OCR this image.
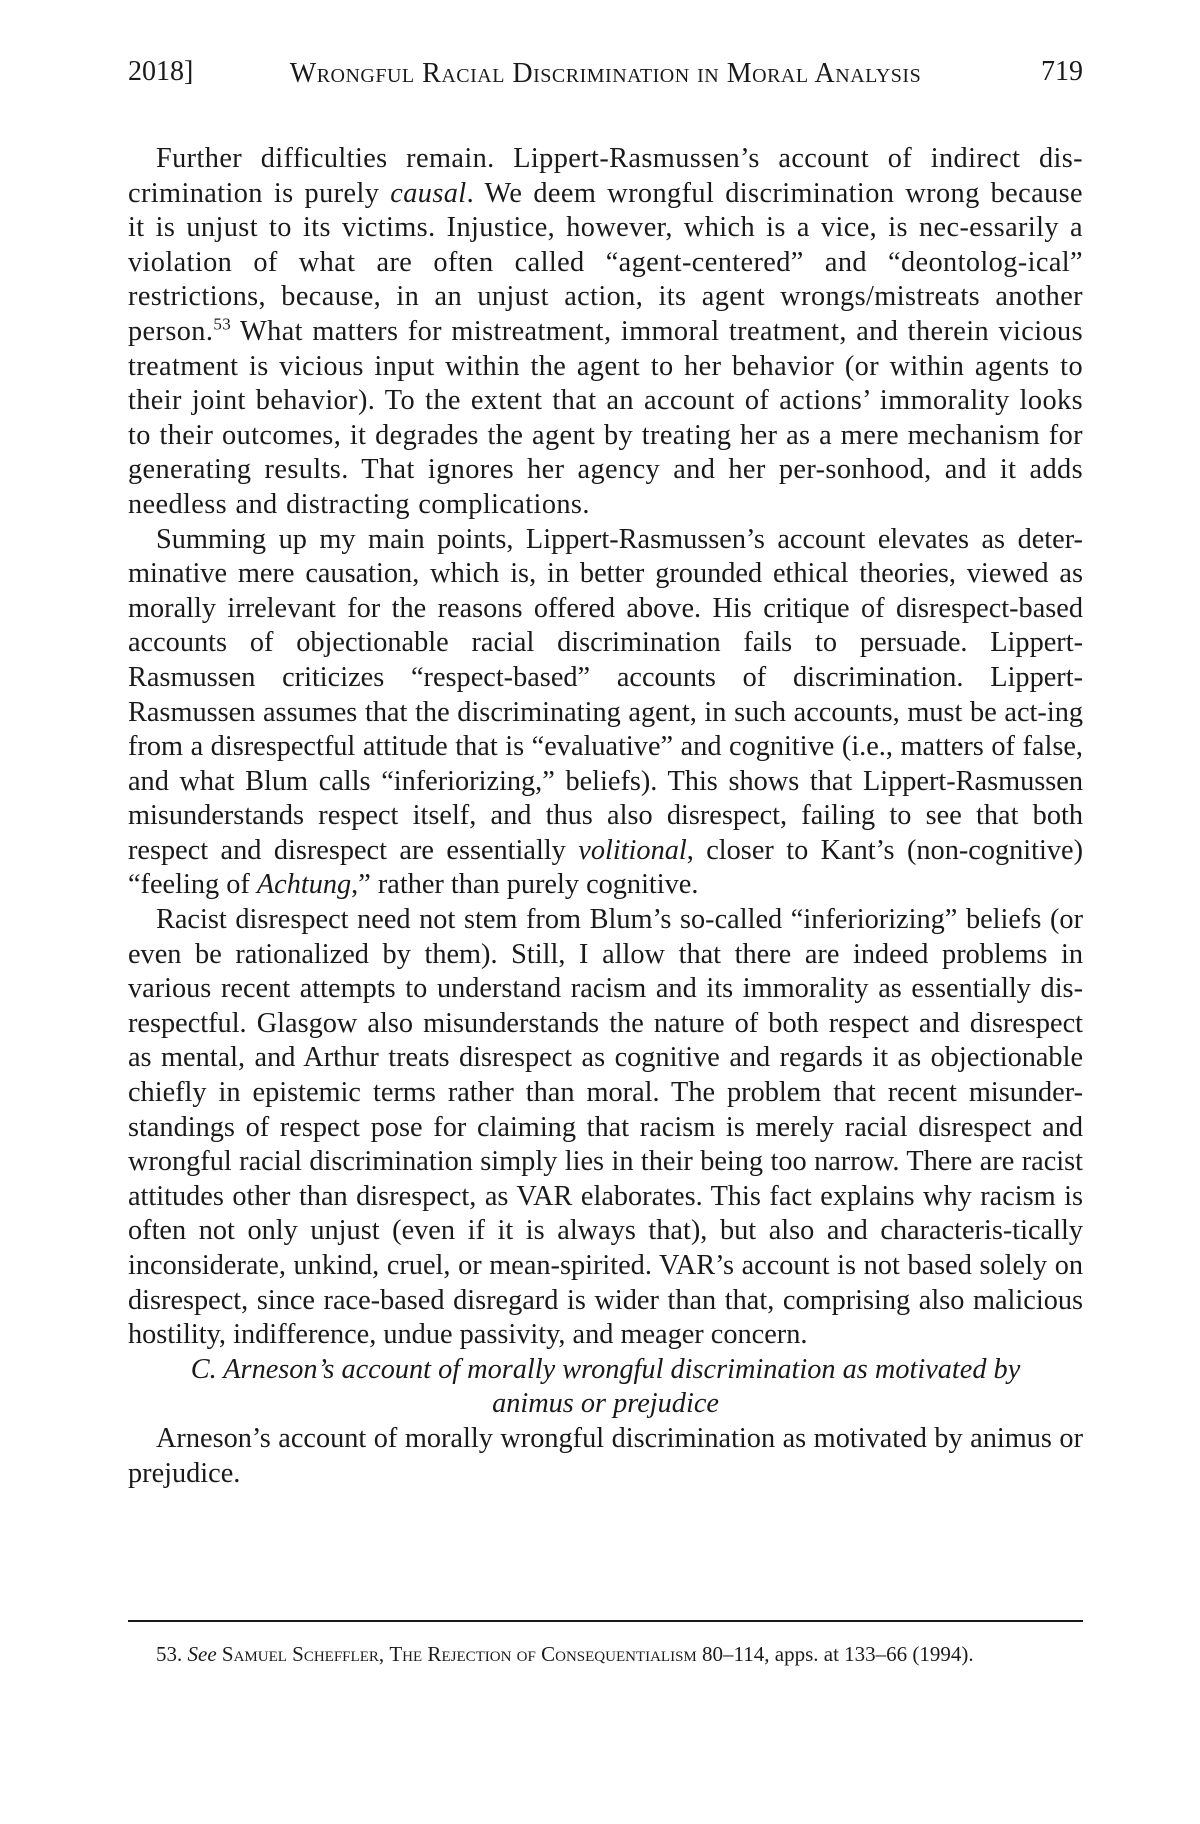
2018]	Wrongful Racial Discrimination in Moral Analysis	719

Further difficulties remain. Lippert-Rasmussen’s account of indirect dis-crimination is purely causal. We deem wrongful discrimination wrong because it is unjust to its victims. Injustice, however, which is a vice, is nec-essarily a violation of what are often called “agent-centered” and “deontolog-ical” restrictions, because, in an unjust action, its agent wrongs/mistreats another person.$^{53}$ What matters for mistreatment, immoral treatment, and therein vicious treatment is vicious input within the agent to her behavior (or within agents to their joint behavior). To the extent that an account of actions’ immorality looks to their outcomes, it degrades the agent by treating her as a mere mechanism for generating results. That ignores her agency and her per-sonhood, and it adds needless and distracting complications.

Summing up my main points, Lippert-Rasmussen’s account elevates as deter-minative mere causation, which is, in better grounded ethical theories, viewed as morally irrelevant for the reasons offered above. His critique of disrespect-based accounts of objectionable racial discrimination fails to persuade. Lippert-Rasmussen criticizes “respect-based” accounts of discrimination. Lippert-Rasmussen assumes that the discriminating agent, in such accounts, must be act-ing from a disrespectful attitude that is “evaluative” and cognitive (i.e., matters of false, and what Blum calls “inferiorizing,” beliefs). This shows that Lippert-Rasmussen misunderstands respect itself, and thus also disrespect, failing to see that both respect and disrespect are essentially volitional, closer to Kant’s (non-cognitive) “feeling of Achtung,” rather than purely cognitive.

Racist disrespect need not stem from Blum’s so-called “inferiorizing” beliefs (or even be rationalized by them). Still, I allow that there are indeed problems in various recent attempts to understand racism and its immorality as essentially dis-respectful. Glasgow also misunderstands the nature of both respect and disrespect as mental, and Arthur treats disrespect as cognitive and regards it as objectionable chiefly in epistemic terms rather than moral. The problem that recent misunder-standings of respect pose for claiming that racism is merely racial disrespect and wrongful racial discrimination simply lies in their being too narrow. There are racist attitudes other than disrespect, as VAR elaborates. This fact explains why racism is often not only unjust (even if it is always that), but also and characteris-tically inconsiderate, unkind, cruel, or mean-spirited. VAR’s account is not based solely on disrespect, since race-based disregard is wider than that, comprising also malicious hostility, indifference, undue passivity, and meager concern.

C. Arneson’s account of morally wrongful discrimination as motivated by animus or prejudice

Arneson’s account of morally wrongful discrimination as motivated by animus or prejudice.

53. See Samuel Scheffler, The Rejection of Consequentialism 80–114, apps. at 133–66 (1994).
